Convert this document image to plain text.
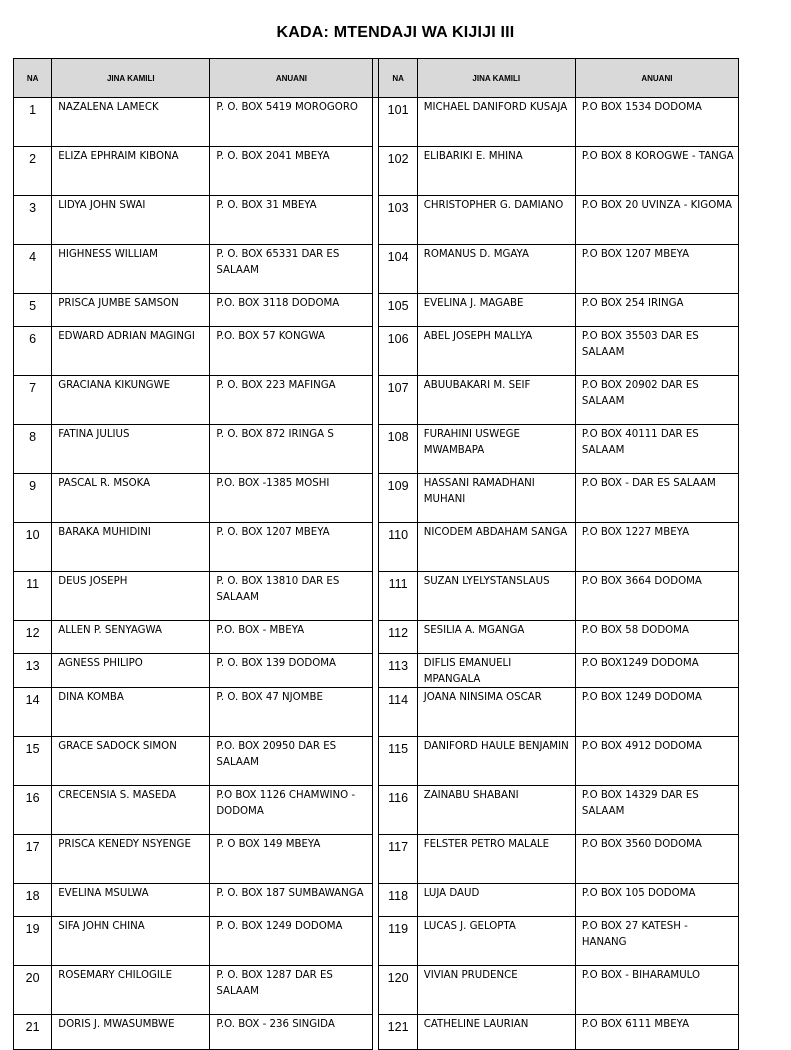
KADA: MTENDAJI WA KIJIJI III
NA	JINA KAMILI	ANUANI		NA	JINA KAMILI	ANUANI
1	NAZALENA LAMECK	P. O. BOX 5419 MOROGORO		101	MICHAEL DANIFORD KUSAJA	P.O BOX 1534 DODOMA
2	ELIZA EPHRAIM KIBONA	P. O. BOX 2041 MBEYA		102	ELIBARIKI E. MHINA	P.O BOX 8 KOROGWE - TANGA
3	LIDYA JOHN SWAI	P. O. BOX 31 MBEYA		103	CHRISTOPHER G. DAMIANO	P.O BOX 20 UVINZA - KIGOMA
4	HIGHNESS WILLIAM	P. O. BOX 65331 DAR ES SALAAM		104	ROMANUS D. MGAYA	P.O BOX 1207 MBEYA
5	PRISCA JUMBE SAMSON	P.O. BOX 3118 DODOMA		105	EVELINA J. MAGABE	P.O BOX 254 IRINGA
6	EDWARD ADRIAN MAGINGI	P.O. BOX 57 KONGWA		106	ABEL JOSEPH MALLYA	P.O BOX 35503 DAR ES SALAAM
7	GRACIANA KIKUNGWE	P. O. BOX 223 MAFINGA		107	ABUUBAKARI M. SEIF	P.O BOX 20902 DAR ES SALAAM
8	FATINA JULIUS	P. O. BOX 872 IRINGA S		108	FURAHINI USWEGE MWAMBAPA	P.O BOX 40111 DAR ES SALAAM
9	PASCAL R. MSOKA	P.O. BOX -1385 MOSHI		109	HASSANI RAMADHANI MUHANI	P.O BOX - DAR ES SALAAM
10	BARAKA MUHIDINI	P. O. BOX 1207 MBEYA		110	NICODEM ABDAHAM SANGA	P.O BOX 1227 MBEYA
11	DEUS JOSEPH	P. O. BOX 13810 DAR ES SALAAM		111	SUZAN LYELYSTANSLAUS	P.O BOX 3664 DODOMA
12	ALLEN P. SENYAGWA	P.O. BOX - MBEYA		112	SESILIA A. MGANGA	P.O BOX 58 DODOMA
13	AGNESS PHILIPO	P. O. BOX 139 DODOMA		113	DIFLIS EMANUELI MPANGALA	P.O BOX1249 DODOMA
14	DINA KOMBA	P. O. BOX 47 NJOMBE		114	JOANA NINSIMA OSCAR	P.O BOX 1249 DODOMA
15	GRACE SADOCK SIMON	P.O. BOX 20950 DAR ES SALAAM		115	DANIFORD HAULE BENJAMIN	P.O BOX 4912 DODOMA
16	CRECENSIA S. MASEDA	P.O BOX 1126 CHAMWINO - DODOMA		116	ZAINABU SHABANI	P.O BOX 14329 DAR ES SALAAM
17	PRISCA KENEDY NSYENGE	P. O BOX 149 MBEYA		117	FELSTER PETRO MALALE	P.O BOX 3560 DODOMA
18	EVELINA MSULWA	P. O. BOX 187 SUMBAWANGA		118	LUJA DAUD	P.O BOX 105 DODOMA
19	SIFA JOHN CHINA	P. O. BOX 1249 DODOMA		119	LUCAS J. GELOPTA	P.O BOX 27 KATESH - HANANG
20	ROSEMARY CHILOGILE	P. O. BOX 1287 DAR ES SALAAM		120	VIVIAN PRUDENCE	P.O BOX - BIHARAMULO
21	DORIS J. MWASUMBWE	P.O. BOX - 236 SINGIDA		121	CATHELINE LAURIAN	P.O BOX 6111 MBEYA
